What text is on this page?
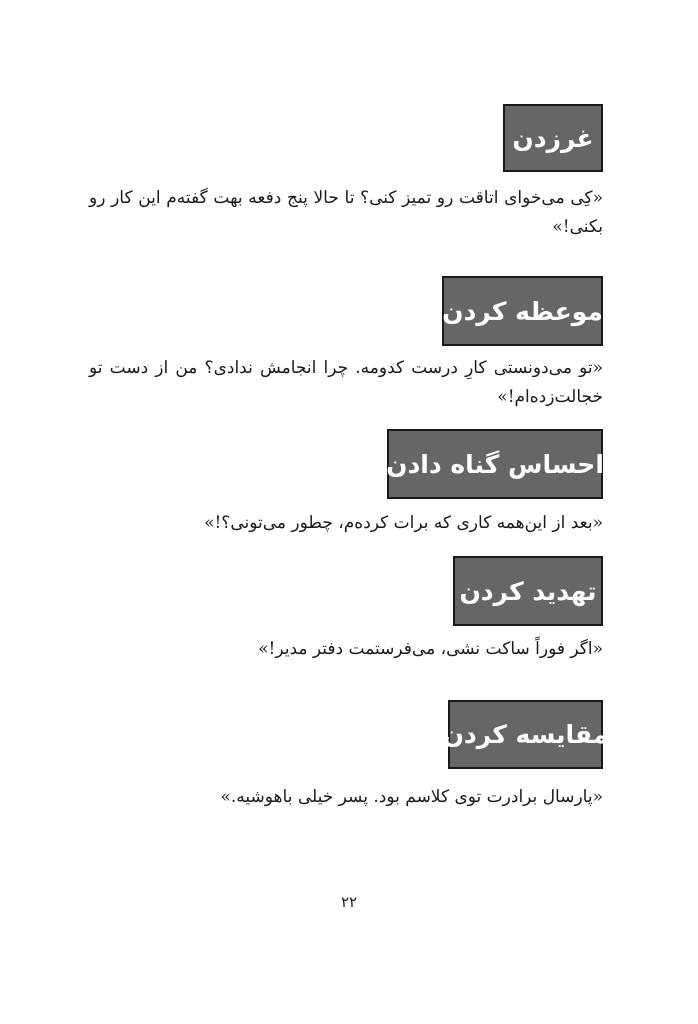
غرزدن
«کِی می‌خوای اتاقت رو تمیز کنی؟ تا حالا پنج دفعه بهت گفته‌م این کار رو بکنی!»
موعظه کردن
«تو می‌دونستی کارِ درست کدومه. چرا انجامش ندادی؟ من از دست تو خجالت‌زده‌ام!»
احساس گناه دادن
«بعد از این‌همه کاری که برات کرده‌م، چطور می‌تونی؟!»
تهدید کردن
«اگر فوراً ساکت نشی، می‌فرستمت دفتر مدیر!»
مقایسه کردن
«پارسال برادرت توی کلاسم بود. پسر خیلی باهوشیه.»
۲۲
